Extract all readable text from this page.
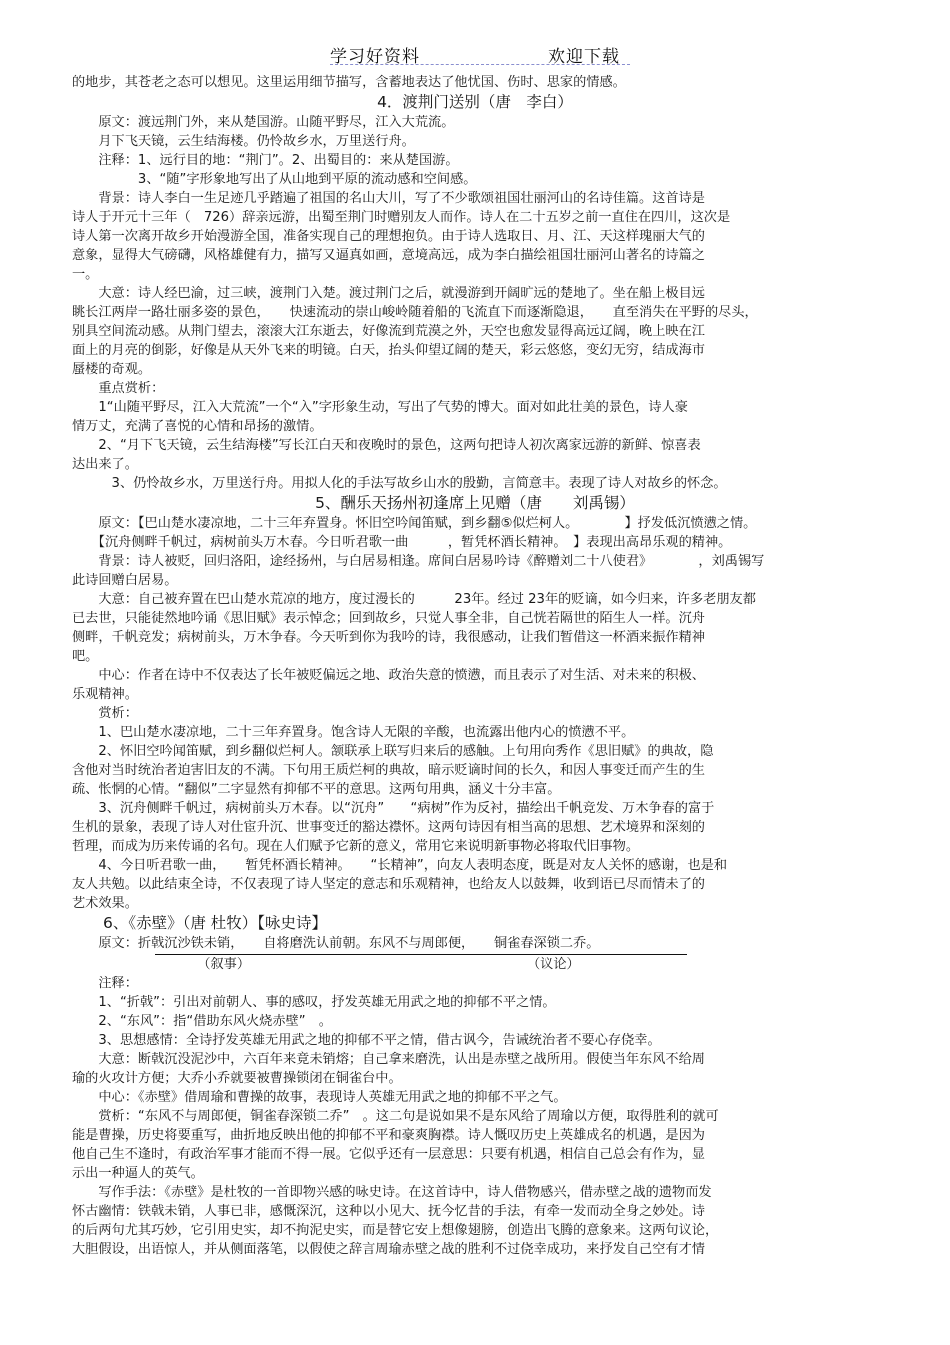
学习好资料	欢迎下载
的地步，其苍老之态可以想见。这里运用细节描写，含蓄地表达了他忧国、伤时、思家的情感。
4．渡荆门送别（唐　李白）
　　原文：渡远荆门外，来从楚国游。山随平野尽，江入大荒流。
　　月下飞天镜，云生结海楼。仍怜故乡水，万里送行舟。
　　注释：1、远行目的地：“荆门”。2、出蜀目的：来从楚国游。
　　　　　3、“随”字形象地写出了从山地到平原的流动感和空间感。
　　背景：诗人李白一生足迹几乎踏遍了祖国的名山大川，写了不少歌颂祖国壮丽河山的名诗佳篇。这首诗是
诗人于开元十三年（　726）辞亲远游，出蜀至荆门时赠别友人而作。诗人在二十五岁之前一直住在四川，这次是
诗人第一次离开故乡开始漫游全国，准备实现自己的理想抱负。由于诗人选取日、月、江、天这样瑰丽大气的
意象，显得大气磅礴，风格雄健有力，描写又逼真如画，意境高远，成为李白描绘祖国壮丽河山著名的诗篇之
一。
　　大意：诗人经巴渝，过三峡，渡荆门入楚。渡过荆门之后，就漫游到开阔旷远的楚地了。坐在船上极目远
眺长江两岸一路壮丽多姿的景色，　　快速流动的崇山峻岭随着船的飞流直下而逐渐隐退，　　直至消失在平野的尽头，
别具空间流动感。从荆门望去，滚滚大江东逝去，好像流到荒漠之外，天空也愈发显得高远辽阔，晚上映在江
面上的月亮的倒影，好像是从天外飞来的明镜。白天，抬头仰望辽阔的楚天，彩云悠悠，变幻无穷，结成海市
蜃楼的奇观。
　　重点赏析：
　　1“山随平野尽，江入大荒流”一个“入”字形象生动，写出了气势的博大。面对如此壮美的景色，诗人豪
情万丈，充满了喜悦的心情和昂扬的激情。
　　2、“月下飞天镜，云生结海楼”写长江白天和夜晚时的景色，这两句把诗人初次离家远游的新鲜、惊喜表
达出来了。
　　　3、仍怜故乡水，万里送行舟。用拟人化的手法写故乡山水的殷勤，言简意丰。表现了诗人对故乡的怀念。
5、酬乐天扬州初逢席上见赠（唐　　刘禹锡）
　　原文：【巴山楚水凄凉地，二十三年弃置身。怀旧空吟闻笛赋，到乡翻⑤似烂柯人。　　　　】抒发低沉愤懑之情。
　　【沉舟侧畔千帆过，病树前头万木春。今日听君歌一曲　　　，暂凭杯酒长精神。　】表现出高昂乐观的精神。
　　背景：诗人被贬，回归洛阳，途经扬州，与白居易相逢。席间白居易吟诗《醉赠刘二十八使君》　　　　，刘禹锡写
此诗回赠白居易。
　　大意：自己被弃置在巴山楚水荒凉的地方，度过漫长的　　　23年。经过 23年的贬谪，如今归来，许多老朋友都
已去世，只能徒然地吟诵《思旧赋》表示悼念；回到故乡，只觉人事全非，自己恍若隔世的陌生人一样。沉舟
侧畔，千帆竞发；病树前头，万木争春。今天听到你为我吟的诗，我很感动，让我们暂借这一杯酒来振作精神
吧。
　　中心：作者在诗中不仅表达了长年被贬偏远之地、政治失意的愤懑，而且表示了对生活、对未来的积极、
乐观精神。
　　赏析：
　　1、巴山楚水凄凉地，二十三年弃置身。饱含诗人无限的辛酸，也流露出他内心的愤懑不平。
　　2、怀旧空吟闻笛赋，到乡翻似烂柯人。颔联承上联写归来后的感触。上句用向秀作《思旧赋》的典故，隐
含他对当时统治者迫害旧友的不满。下句用王质烂柯的典故，暗示贬谪时间的长久，和因人事变迁而产生的生
疏、怅惘的心情。“翻似”二字显然有抑郁不平的意思。这两句用典，涵义十分丰富。
　　3、沉舟侧畔千帆过，病树前头万木春。以“沉舟”　　“病树”作为反衬，描绘出千帆竞发、万木争春的富于
生机的景象，表现了诗人对仕宦升沉、世事变迁的豁达襟怀。这两句诗因有相当高的思想、艺术境界和深刻的
哲理，而成为历来传诵的名句。现在人们赋予它新的意义，常用它来说明新事物必将取代旧事物。
　　4、今日听君歌一曲，　　暂凭杯酒长精神。　　“长精神”，向友人表明态度，既是对友人关怀的感谢，也是和
友人共勉。以此结束全诗，不仅表现了诗人坚定的意志和乐观精神，也给友人以鼓舞，收到语已尽而情未了的
艺术效果。
　　6、《赤壁》（唐 杜牧）【咏史诗】
　　原文：折戟沉沙铁未销，　　自将磨洗认前朝。东风不与周郎便，　　铜雀春深锁二乔。
　　　　　　　　　　（叙事）　　　　　　　　　　　　　　　　　　　　　　（议论）
　　注释：
　　1、“折戟”：引出对前朝人、事的感叹，抒发英雄无用武之地的抑郁不平之情。
　　2、“东风”：指“借助东风火烧赤壁”　。
　　3、思想感情：全诗抒发英雄无用武之地的抑郁不平之情，借古讽今，告诫统治者不要心存侥幸。
　　大意：断戟沉没泥沙中，六百年来竟未销熔；自己拿来磨洗，认出是赤壁之战所用。假使当年东风不给周
瑜的火攻计方便；大乔小乔就要被曹操锁闭在铜雀台中。
　　中心：《赤壁》借周瑜和曹操的故事，表现诗人英雄无用武之地的抑郁不平之气。
　　赏析：“东风不与周郎便，铜雀春深锁二乔”　。这二句是说如果不是东风给了周瑜以方便，取得胜利的就可
能是曹操，历史将要重写，曲折地反映出他的抑郁不平和豪爽胸襟。诗人慨叹历史上英雄成名的机遇，是因为
他自己生不逢时，有政治军事才能而不得一展。它似乎还有一层意思：只要有机遇，相信自己总会有作为，显
示出一种逼人的英气。
　　写作手法：《赤壁》是杜牧的一首即物兴感的咏史诗。在这首诗中，诗人借物感兴，借赤壁之战的遗物而发
怀古幽情：铁戟未销，人事已非，感慨深沉，这种以小见大、抚今忆昔的手法，有牵一发而动全身之妙处。诗
的后两句尤其巧妙，它引用史实，却不拘泥史实，而是替它安上想像翅膀，创造出飞腾的意象来。这两句议论，
大胆假设，出语惊人，并从侧面落笔，以假使之辞言周瑜赤壁之战的胜利不过侥幸成功，来抒发自己空有才情
